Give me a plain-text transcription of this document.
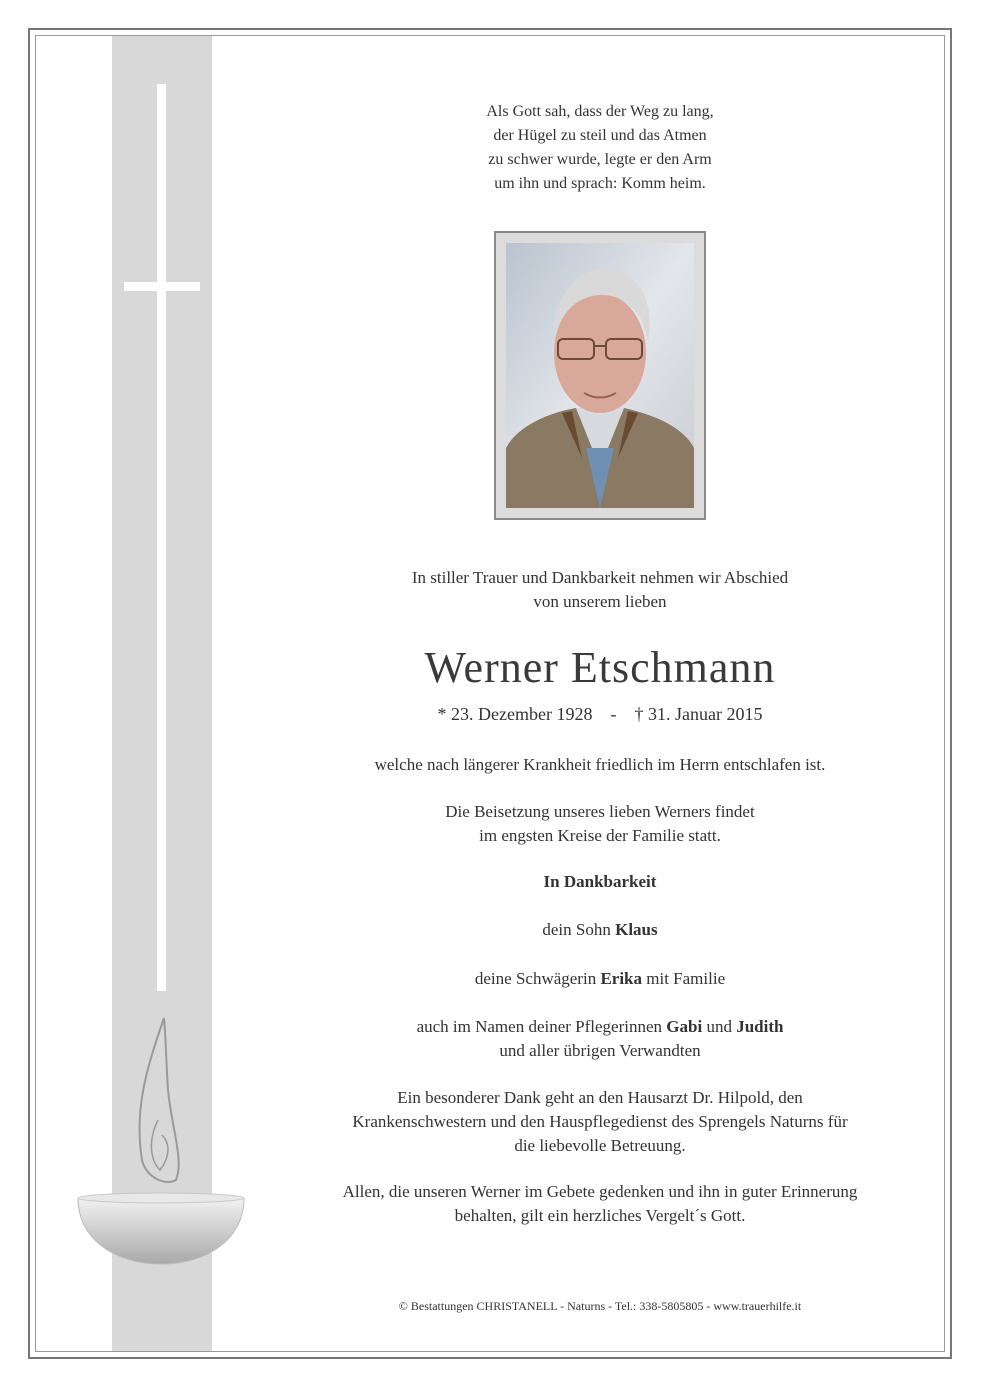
Als Gott sah, dass der Weg zu lang,
der Hügel zu steil und das Atmen
zu schwer wurde, legte er den Arm
um ihn und sprach: Komm heim.
In stiller Trauer und Dankbarkeit nehmen wir Abschied
von unserem lieben
Werner Etschmann
* 23. Dezember 1928 - † 31. Januar 2015
welche nach längerer Krankheit friedlich im Herrn entschlafen ist.
Die Beisetzung unseres lieben Werners findet
im engsten Kreise der Familie statt.
In Dankbarkeit
dein Sohn Klaus
deine Schwägerin Erika mit Familie
auch im Namen deiner Pflegerinnen Gabi und Judith
und aller übrigen Verwandten
Ein besonderer Dank geht an den Hausarzt Dr. Hilpold, den
Krankenschwestern und den Hauspflegedienst des Sprengels Naturns für
die liebevolle Betreuung.
Allen, die unseren Werner im Gebete gedenken und ihn in guter Erinnerung
behalten, gilt ein herzliches Vergelt´s Gott.
© Bestattungen CHRISTANELL - Naturns - Tel.: 338-5805805 - www.trauerhilfe.it
